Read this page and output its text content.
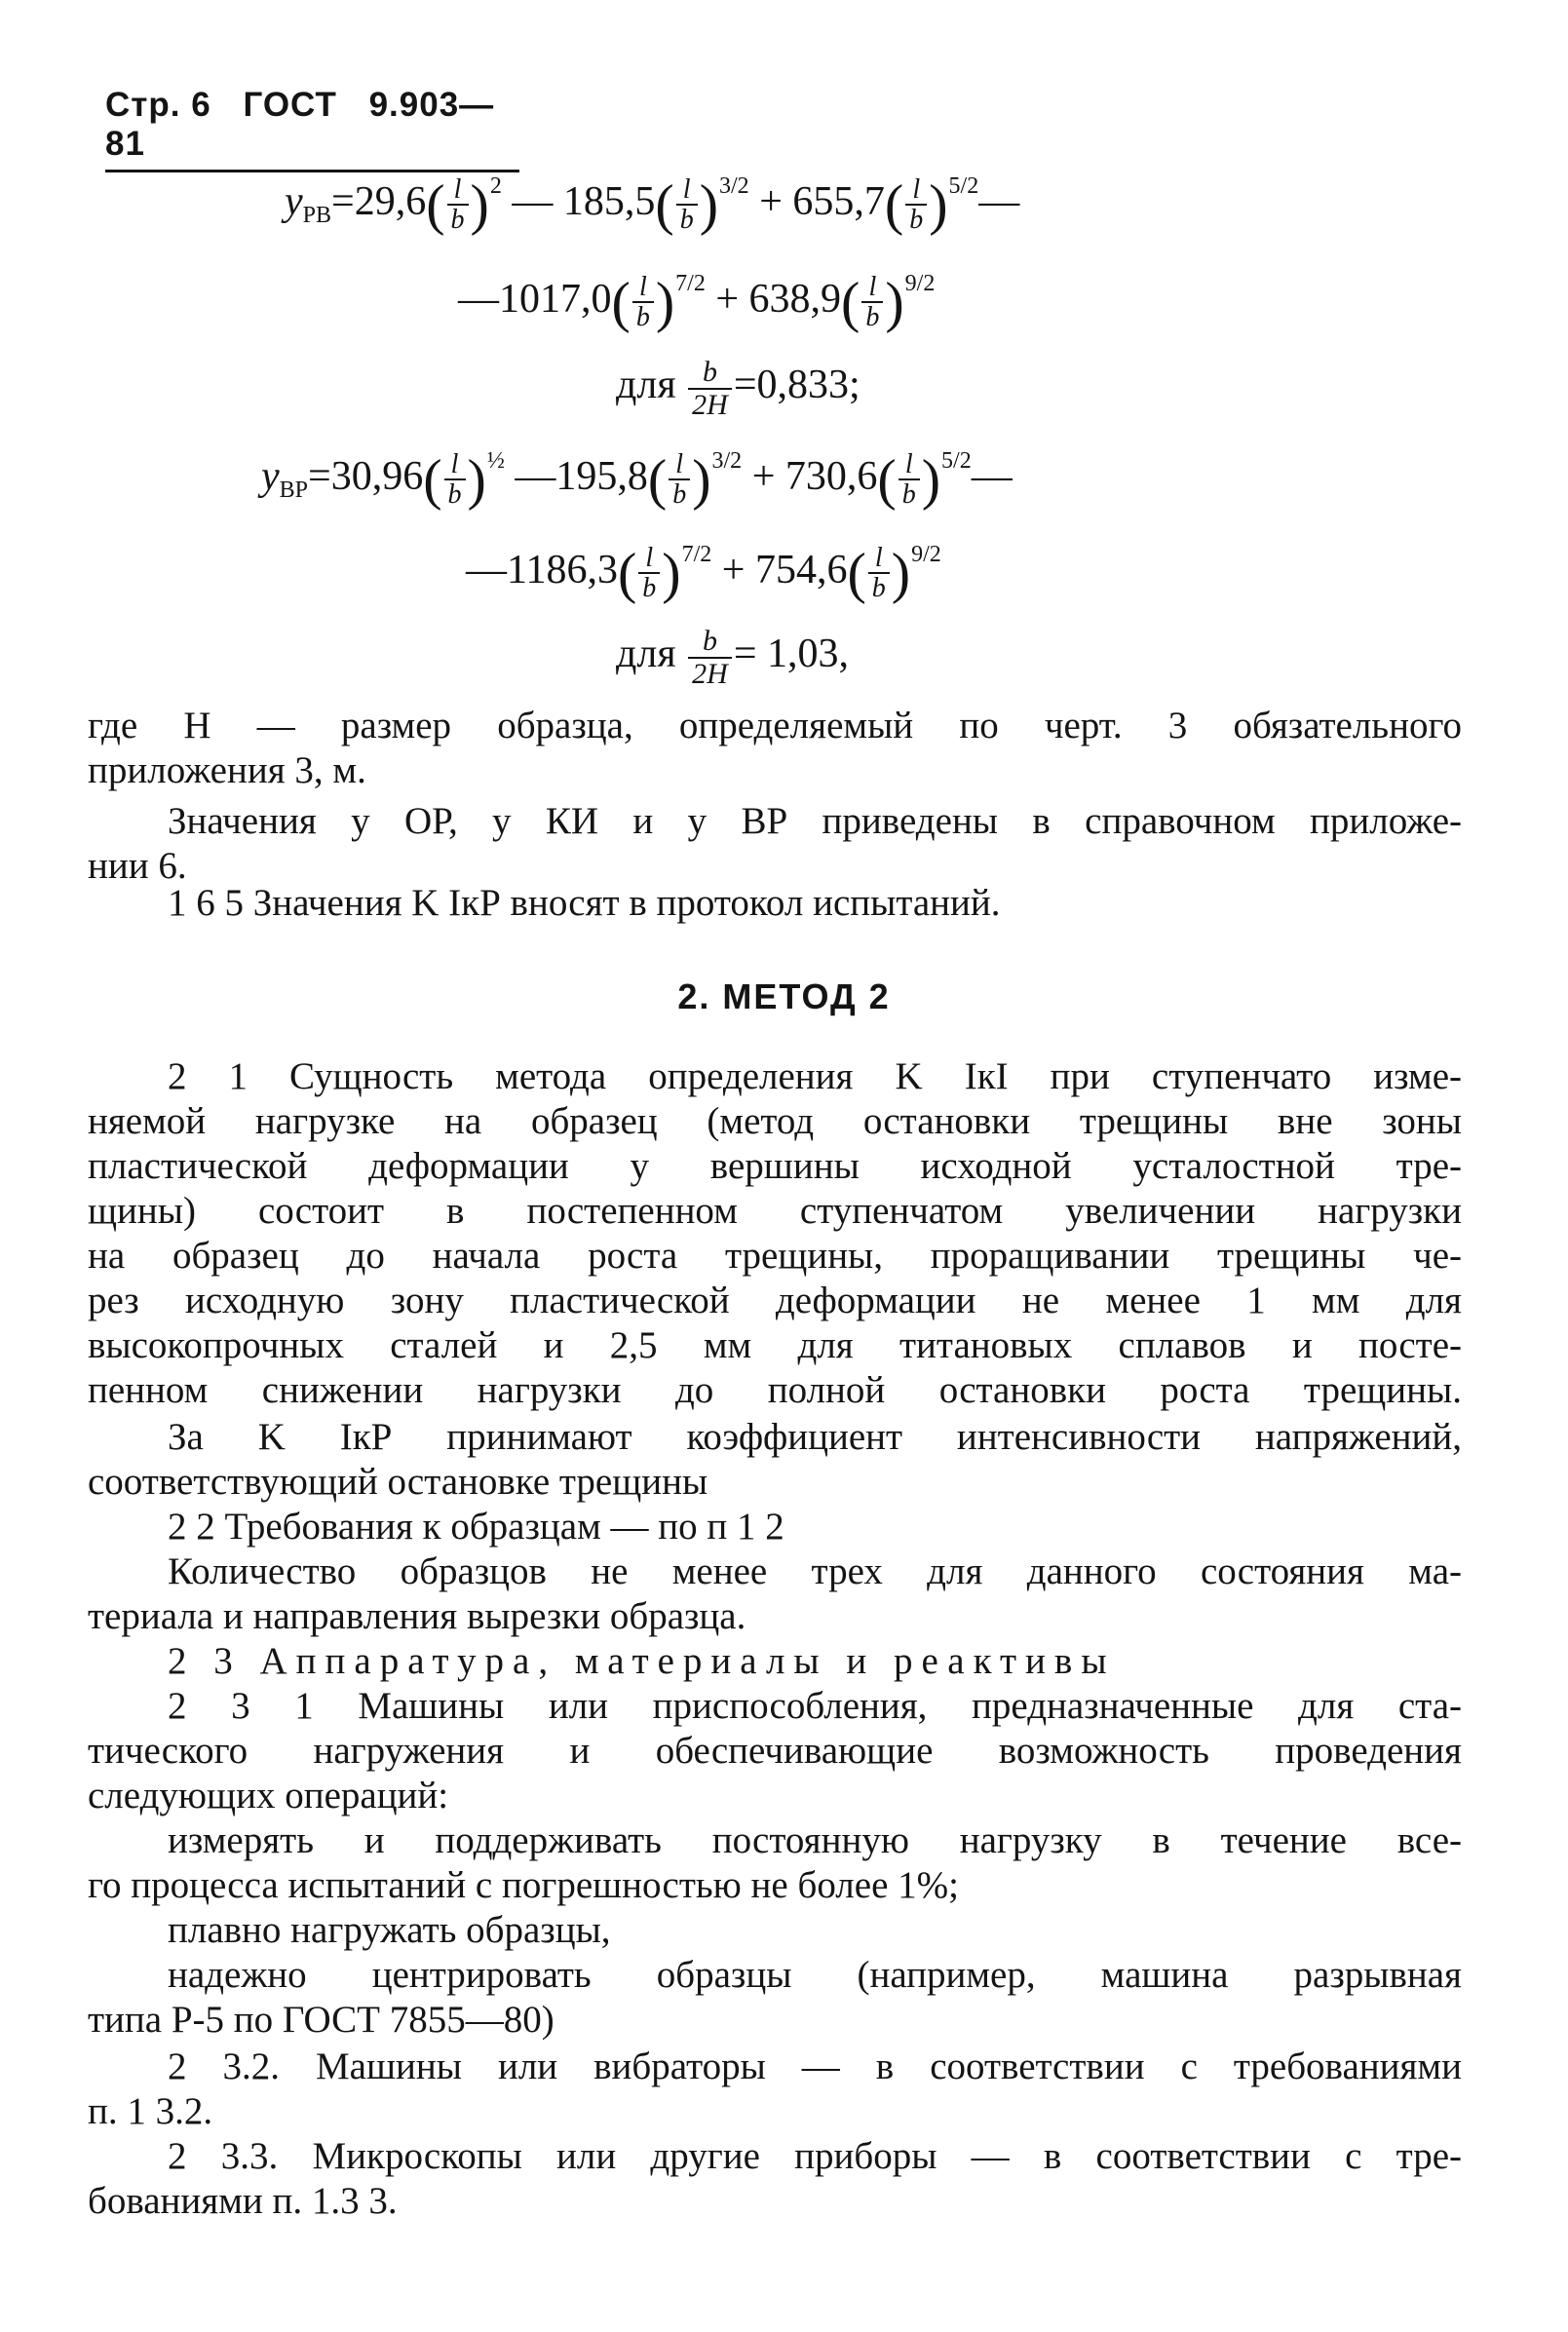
Стр. 6 ГОСТ 9.903—81
$y_{РВ}=29,6( \frac{l}{b} )^2$ — $185,5( \frac{l}{b} )^{3/2} + 655,7( \frac{l}{b}$ )$^{5/2}—$
—1017,0( $\frac{l}{b} )^{7/2} + 638,9( \frac{l}{b} )^{9/2}$
для $\frac{b}{2H} =0,833$;
$y_{ВР}=30,96( \frac{l}{b} )^{\frac{1}{2}}$ —195,8( $\frac{l}{b} )^{3/2} + 730,6( \frac{l}{b}$ )$^{5/2}—$
—1186,3( $\frac{l}{b} )^{7/2} + 754,6( \frac{l}{b} )^{9/2}$
для $\frac{b}{2H} = 1,03$,
где H — размер образца, определяемый по черт. 3 обязательного
приложения 3, м.
Значения y ОР, y КИ и y ВР приведены в справочном приложе-
нии 6.
1 6 5 Значения K IкР вносят в протокол испытаний.
2. МЕТОД 2
2 1 Сущность метода определения K IкI при ступенчато изме-
няемой нагрузке на образец (метод остановки трещины вне зоны
пластической деформации у вершины исходной усталостной тре-
щины) состоит в постепенном ступенчатом увеличении нагрузки
на образец до начала роста трещины, проращивании трещины че-
рез исходную зону пластической деформации не менее 1 мм для
высокопрочных сталей и 2,5 мм для титановых сплавов и посте-
пенном снижении нагрузки до полной остановки роста трещины.
За K IкР принимают коэффициент интенсивности напряжений,
соответствующий остановке трещины
2 2 Требования к образцам — по п 1 2
Количество образцов не менее трех для данного состояния ма-
териала и направления вырезки образца.
2 3 Аппаратура, материалы и реактивы
2 3 1 Машины или приспособления, предназначенные для ста-
тического нагружения и обеспечивающие возможность проведения
следующих операций:
измерять и поддерживать постоянную нагрузку в течение все-
го процесса испытаний с погрешностью не более 1%;
плавно нагружать образцы,
надежно центрировать образцы (например, машина разрывная
типа Р-5 по ГОСТ 7855—80)
2 3.2. Машины или вибраторы — в соответствии с требованиями
п. 1 3.2.
2 3.3. Микроскопы или другие приборы — в соответствии с тре-
бованиями п. 1.3 3.
